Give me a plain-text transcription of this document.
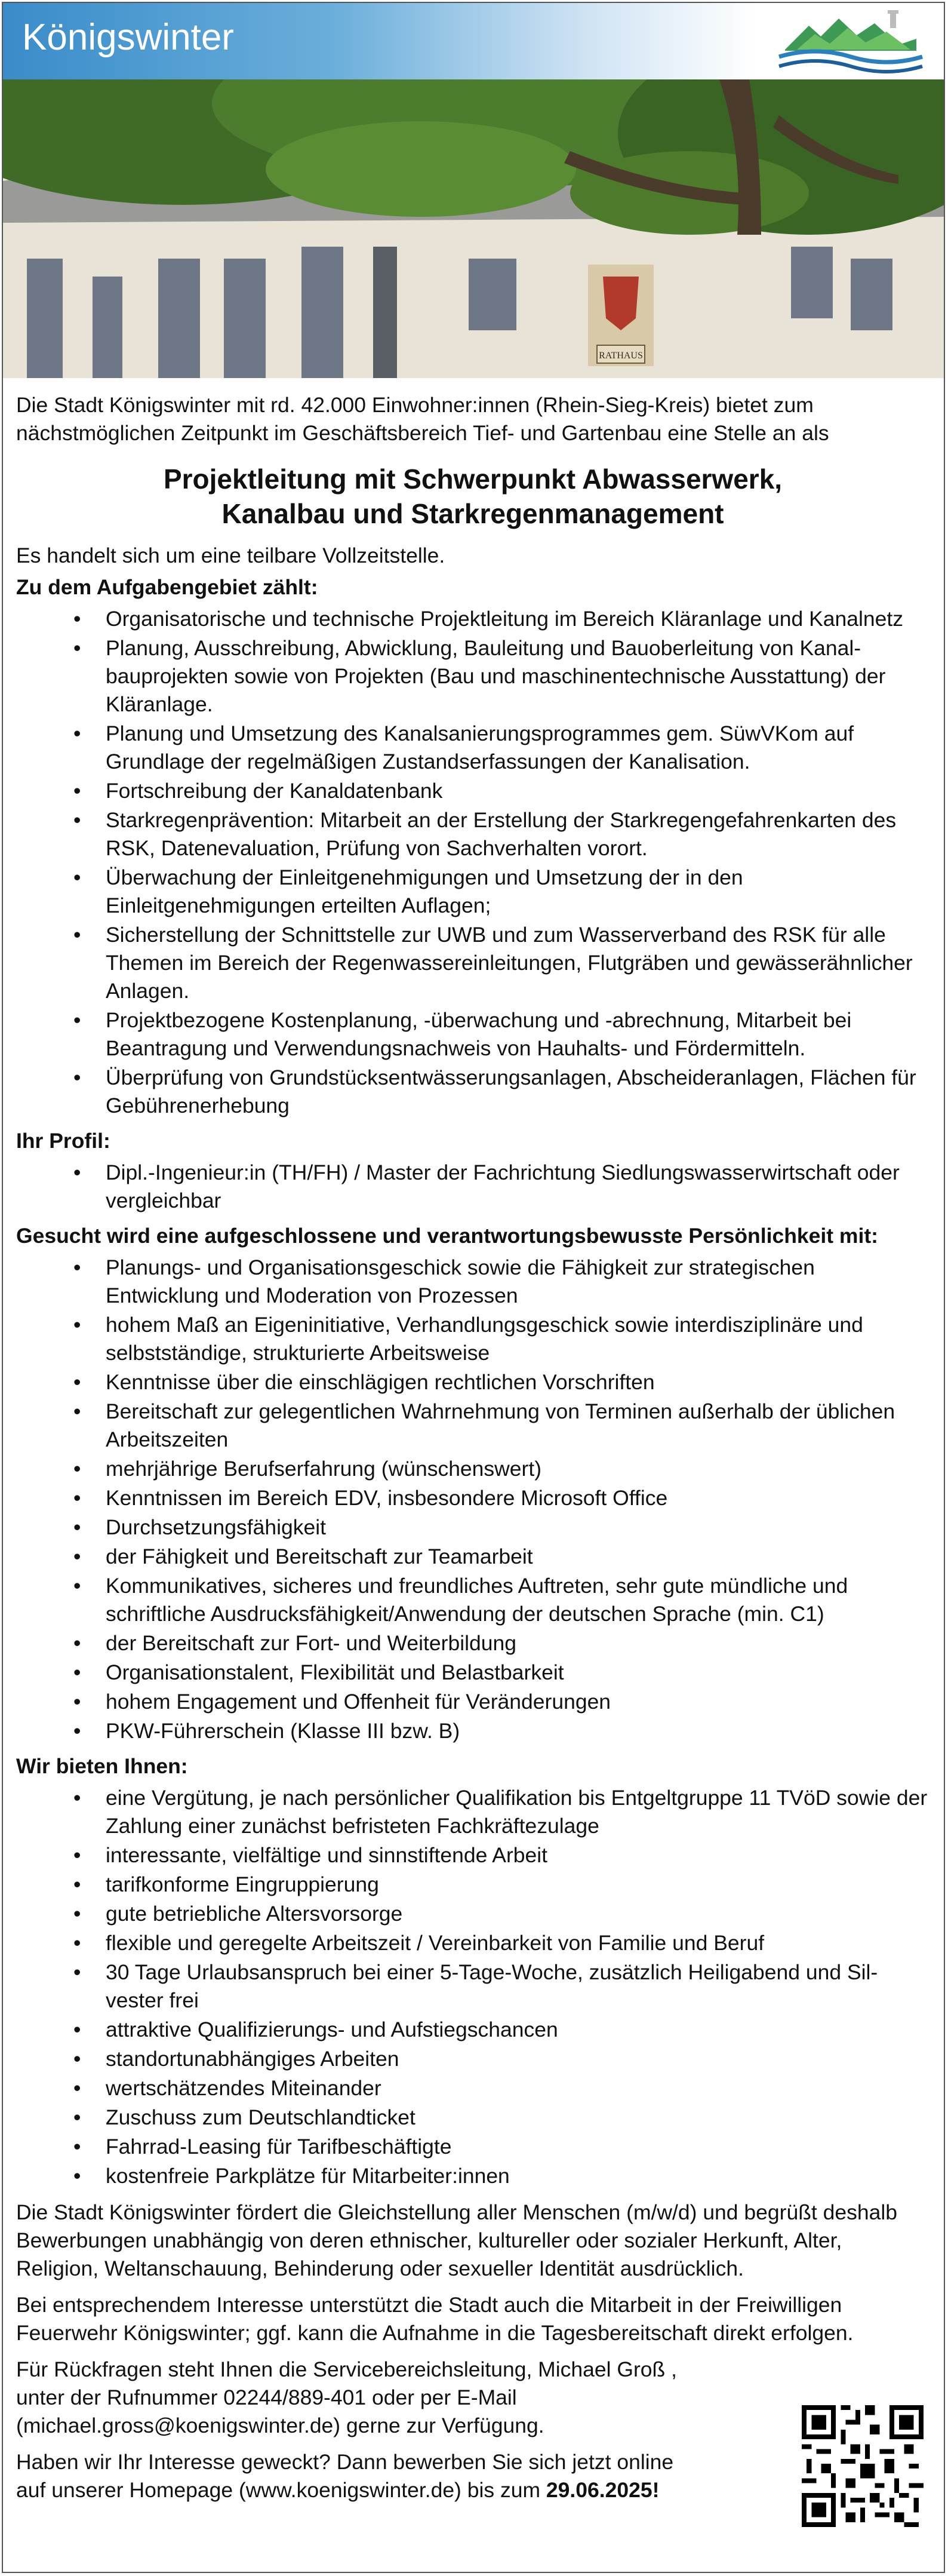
Königswinter
RATHAUS

Die Stadt Königswinter mit rd. 42.000 Einwohner:innen (Rhein-Sieg-Kreis) bietet zum nächstmöglichen Zeitpunkt im Geschäftsbereich Tief- und Gartenbau eine Stelle an als

Projektleitung mit Schwerpunkt Abwasserwerk,
Kanalbau und Starkregenmanagement

Es handelt sich um eine teilbare Vollzeitstelle.

Zu dem Aufgabengebiet zählt:
• Organisatorische und technische Projektleitung im Bereich Kläranlage und Kanalnetz
• Planung, Ausschreibung, Abwicklung, Bauleitung und Bauoberleitung von Kanal-bauprojekten sowie von Projekten (Bau und maschinentechnische Ausstattung) der Kläranlage.
• Planung und Umsetzung des Kanalsanierungsprogrammes gem. SüwVKom auf Grundlage der regelmäßigen Zustandserfassungen der Kanalisation.
• Fortschreibung der Kanaldatenbank
• Starkregenprävention: Mitarbeit an der Erstellung der Starkregengefahrenkarten des RSK, Datenevaluation, Prüfung von Sachverhalten vorort.
• Überwachung der Einleitgenehmigungen und Umsetzung der in den Einleitgenehmigungen erteilten Auflagen;
• Sicherstellung der Schnittstelle zur UWB und zum Wasserverband des RSK für alle Themen im Bereich der Regenwassereinleitungen, Flutgräben und gewässerähnlicher Anlagen.
• Projektbezogene Kostenplanung, -überwachung und -abrechnung, Mitarbeit bei Beantragung und Verwendungsnachweis von Hauhalts- und Fördermitteln.
• Überprüfung von Grundstücksentwässerungsanlagen, Abscheideranlagen, Flächen für Gebührenerhebung
Ihr Profil:
• Dipl.-Ingenieur:in (TH/FH) / Master der Fachrichtung Siedlungswasserwirtschaft oder vergleichbar
Gesucht wird eine aufgeschlossene und verantwortungsbewusste Persönlichkeit mit:
• Planungs- und Organisationsgeschick sowie die Fähigkeit zur strategischen Entwicklung und Moderation von Prozessen
• hohem Maß an Eigeninitiative, Verhandlungsgeschick sowie interdisziplinäre und selbstständige, strukturierte Arbeitsweise
• Kenntnisse über die einschlägigen rechtlichen Vorschriften
• Bereitschaft zur gelegentlichen Wahrnehmung von Terminen außerhalb der üblichen Arbeitszeiten
• mehrjährige Berufserfahrung (wünschenswert)
• Kenntnissen im Bereich EDV, insbesondere Microsoft Office
• Durchsetzungsfähigkeit
• der Fähigkeit und Bereitschaft zur Teamarbeit
• Kommunikatives, sicheres und freundliches Auftreten, sehr gute mündliche und schriftliche Ausdrucksfähigkeit/Anwendung der deutschen Sprache (min. C1)
• der Bereitschaft zur Fort- und Weiterbildung
• Organisationstalent, Flexibilität und Belastbarkeit
• hohem Engagement und Offenheit für Veränderungen
• PKW-Führerschein (Klasse III bzw. B)
Wir bieten Ihnen:
• eine Vergütung, je nach persönlicher Qualifikation bis Entgeltgruppe 11 TVöD sowie der Zahlung einer zunächst befristeten Fachkräftezulage
• interessante, vielfältige und sinnstiftende Arbeit
• tarifkonforme Eingruppierung
• gute betriebliche Altersvorsorge
• flexible und geregelte Arbeitszeit / Vereinbarkeit von Familie und Beruf
• 30 Tage Urlaubsanspruch bei einer 5-Tage-Woche, zusätzlich Heiligabend und Sil-vester frei
• attraktive Qualifizierungs- und Aufstiegschancen
• standortunabhängiges Arbeiten
• wertschätzendes Miteinander
• Zuschuss zum Deutschlandticket
• Fahrrad-Leasing für Tarifbeschäftigte
• kostenfreie Parkplätze für Mitarbeiter:innen

Die Stadt Königswinter fördert die Gleichstellung aller Menschen (m/w/d) und begrüßt deshalb Bewerbungen unabhängig von deren ethnischer, kultureller oder sozialer Herkunft, Alter, Religion, Weltanschauung, Behinderung oder sexueller Identität ausdrücklich.

Bei entsprechendem Interesse unterstützt die Stadt auch die Mitarbeit in der Freiwilligen Feuerwehr Königswinter; ggf. kann die Aufnahme in die Tagesbereitschaft direkt erfolgen.

Für Rückfragen steht Ihnen die Servicebereichsleitung, Michael Groß ,
unter der Rufnummer 02244/889-401 oder per E-Mail
(michael.gross@koenigswinter.de) gerne zur Verfügung.
Haben wir Ihr Interesse geweckt? Dann bewerben Sie sich jetzt online
auf unserer Homepage (www.koenigswinter.de) bis zum 29.06.2025!
